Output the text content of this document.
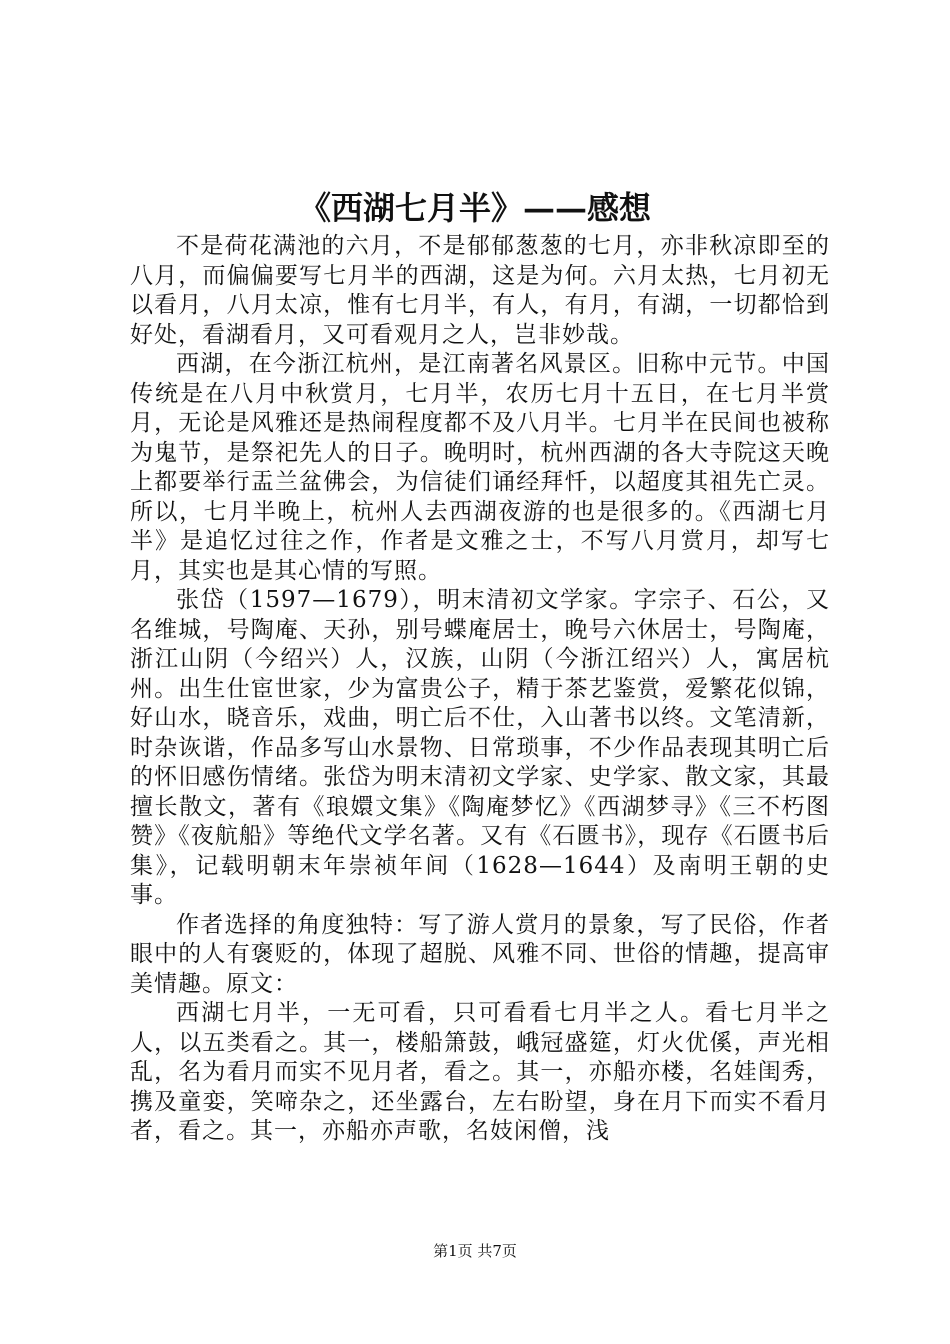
《西湖七月半》——感想

不是荷花满池的六月，不是郁郁葱葱的七月，亦非秋凉即至的八月，而偏偏要写七月半的西湖，这是为何。六月太热，七月初无以看月，八月太凉，惟有七月半，有人，有月，有湖，一切都恰到好处，看湖看月，又可看观月之人，岂非妙哉。

西湖，在今浙江杭州，是江南著名风景区。旧称中元节。中国传统是在八月中秋赏月，七月半，农历七月十五日，在七月半赏月，无论是风雅还是热闹程度都不及八月半。七月半在民间也被称为鬼节，是祭祀先人的日子。晚明时，杭州西湖的各大寺院这天晚上都要举行盂兰盆佛会，为信徒们诵经拜忏，以超度其祖先亡灵。所以，七月半晚上，杭州人去西湖夜游的也是很多的。《西湖七月半》是追忆过往之作，作者是文雅之士，不写八月赏月，却写七月，其实也是其心情的写照。

张岱（1597—1679），明末清初文学家。字宗子、石公，又名维城，号陶庵、天孙，别号蝶庵居士，晚号六休居士，号陶庵，浙江山阴（今绍兴）人，汉族，山阴（今浙江绍兴）人，寓居杭州。出生仕宦世家，少为富贵公子，精于茶艺鉴赏，爱繁花似锦，好山水，晓音乐，戏曲，明亡后不仕，入山著书以终。文笔清新，时杂诙谐，作品多写山水景物、日常琐事，不少作品表现其明亡后的怀旧感伤情绪。张岱为明末清初文学家、史学家、散文家，其最擅长散文，著有《琅嬛文集》《陶庵梦忆》《西湖梦寻》《三不朽图赞》《夜航船》等绝代文学名著。又有《石匮书》，现存《石匮书后集》，记载明朝末年崇祯年间（1628—1644）及南明王朝的史事。

作者选择的角度独特：写了游人赏月的景象，写了民俗，作者眼中的人有褒贬的，体现了超脱、风雅不同、世俗的情趣，提高审美情趣。原文：

西湖七月半，一无可看，只可看看七月半之人。看七月半之人，以五类看之。其一，楼船箫鼓，峨冠盛筵，灯火优傒，声光相乱，名为看月而实不见月者，看之。其一，亦船亦楼，名娃闺秀，携及童娈，笑啼杂之，还坐露台，左右盼望，身在月下而实不看月者，看之。其一，亦船亦声歌，名妓闲僧，浅

第1页 共7页
